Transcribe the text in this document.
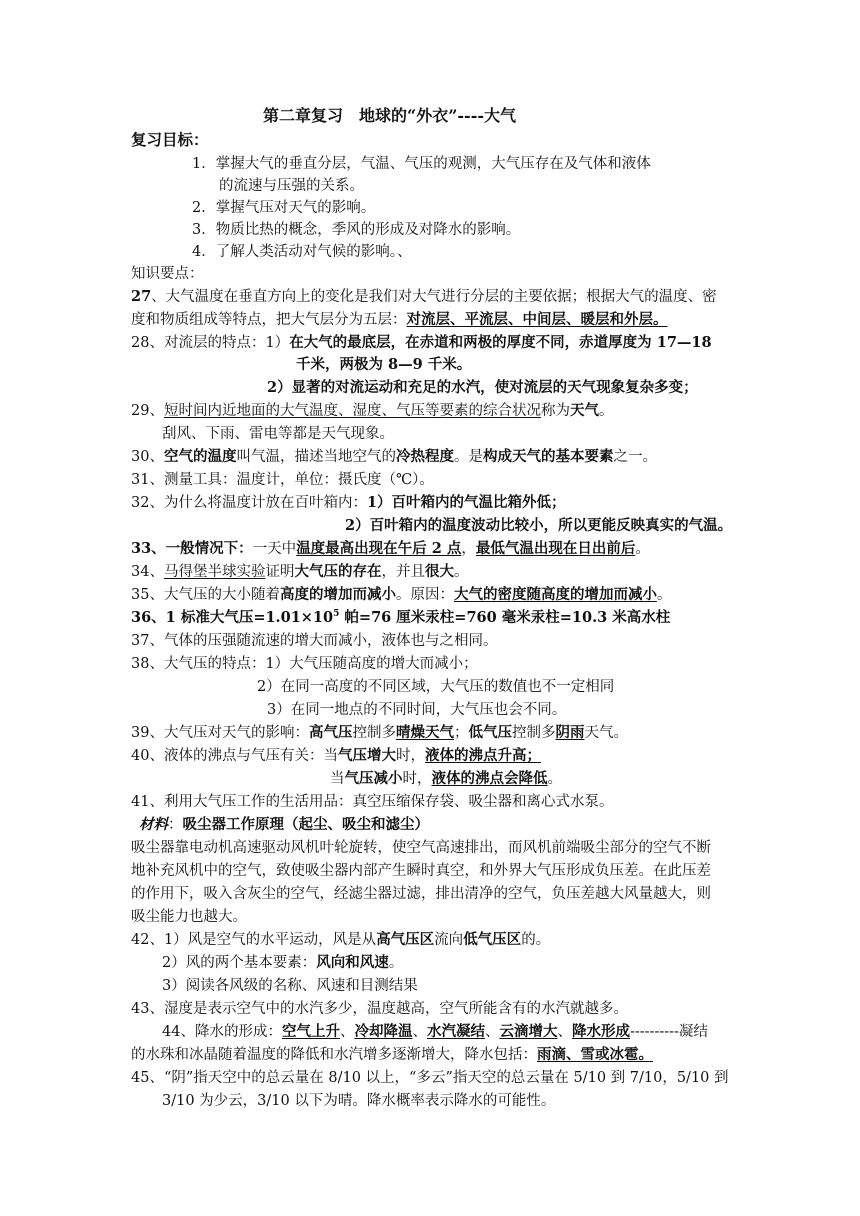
第二章复习　地球的“外衣”----大气
复习目标：
1．掌握大气的垂直分层，气温、气压的观测，大气压存在及气体和液体
的流速与压强的关系。
2．掌握气压对天气的影响。
3．物质比热的概念，季风的形成及对降水的影响。
4．了解人类活动对气候的影响。、
知识要点：
27、大气温度在垂直方向上的变化是我们对大气进行分层的主要依据；根据大气的温度、密
度和物质组成等特点，把大气层分为五层：对流层、平流层、中间层、暖层和外层。
28、对流层的特点：1）在大气的最底层，在赤道和两极的厚度不同，赤道厚度为 17—18
千米，两极为 8—9 千米。
2）显著的对流运动和充足的水汽，使对流层的天气现象复杂多变；
29、短时间内近地面的大气温度、湿度、气压等要素的综合状况称为天气。
刮风、下雨、雷电等都是天气现象。
30、空气的温度叫气温，描述当地空气的冷热程度。是构成天气的基本要素之一。
31、测量工具：温度计，单位：摄氏度（℃）。
32、为什么将温度计放在百叶箱内：1）百叶箱内的气温比箱外低；
2）百叶箱内的温度波动比较小，所以更能反映真实的气温。
33、一般情况下：一天中温度最高出现在午后 2 点，最低气温出现在日出前后。
34、马得堡半球实验证明大气压的存在，并且很大。
35、大气压的大小随着高度的增加而减小。原因：大气的密度随高度的增加而减小。
36、1 标准大气压$=1.01\times 10^5$ 帕=76 厘米汞柱=760 毫米汞柱=10.3 米高水柱
37、气体的压强随流速的增大而减小，液体也与之相同。
38、大气压的特点：1）大气压随高度的增大而减小；
2）在同一高度的不同区域，大气压的数值也不一定相同
3）在同一地点的不同时间，大气压也会不同。
39、大气压对天气的影响：高气压控制多晴燥天气；低气压控制多阴雨天气。
40、液体的沸点与气压有关：当气压增大时，液体的沸点升高；
当气压减小时，液体的沸点会降低。
41、利用大气压工作的生活用品：真空压缩保存袋、吸尘器和离心式水泵。
材料：吸尘器工作原理（起尘、吸尘和滤尘）
吸尘器靠电动机高速驱动风机叶轮旋转，使空气高速排出，而风机前端吸尘部分的空气不断
地补充风机中的空气，致使吸尘器内部产生瞬时真空，和外界大气压形成负压差。在此压差
的作用下，吸入含灰尘的空气，经滤尘器过滤，排出清净的空气，负压差越大风量越大，则
吸尘能力也越大。
42、1）风是空气的水平运动，风是从高气压区流向低气压区的。
2）风的两个基本要素：风向和风速。
3）阅读各风级的名称、风速和目测结果
43、湿度是表示空气中的水汽多少，温度越高，空气所能含有的水汽就越多。
44、降水的形成：空气上升、冷却降温、水汽凝结、云滴增大、降水形成----------凝结
的水珠和冰晶随着温度的降低和水汽增多逐渐增大，降水包括：雨滴、雪或冰雹。
45、“阴”指天空中的总云量在 8/10 以上，“多云”指天空的总云量在 5/10 到 7/10，5/10 到
3/10 为少云，3/10 以下为晴。降水概率表示降水的可能性。
